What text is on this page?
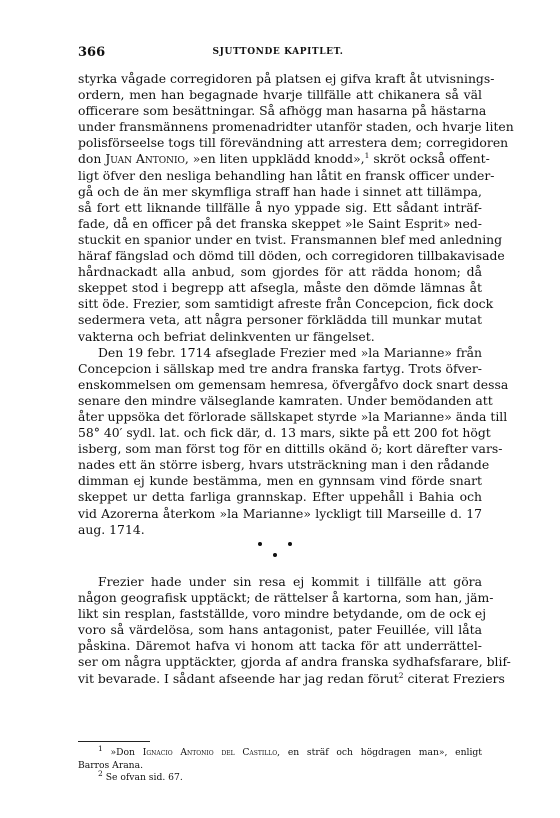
366	SJUTTONDE KAPITLET.
styrka vågade corregidoren på platsen ej gifva kraft åt utvisnings-
ordern, men han begagnade hvarje tillfälle att chikanera så väl
officerare som besättningar. Så afhögg man hasarna på hästarna
under fransmännens promenadridter utanför staden, och hvarje liten
polisförseelse togs till förevändning att arrestera dem; corregidoren
don Juan Antonio, »en liten uppklädd knodd»,$^1$ skröt också offent-
ligt öfver den nesliga behandling han låtit en fransk officer under-
gå och de än mer skymfliga straff han hade i sinnet att tillämpa,
så fort ett liknande tillfälle å nyo yppade sig. Ett sådant inträf-
fade, då en officer på det franska skeppet »le Saint Esprit» ned-
stuckit en spanior under en tvist. Fransmannen blef med anledning
häraf fängslad och dömd till döden, och corregidoren tillbakavisade
hårdnackadt alla anbud, som gjordes för att rädda honom; då
skeppet stod i begrepp att afsegla, måste den dömde lämnas åt
sitt öde. Frezier, som samtidigt afreste från Concepcion, fick dock
sedermera veta, att några personer förklädda till munkar mutat
vakterna och befriat delinkventen ur fängelset.
Den 19 febr. 1714 afseglade Frezier med »la Marianne» från
Concepcion i sällskap med tre andra franska fartyg. Trots öfver-
enskommelsen om gemensam hemresa, öfvergåfvo dock snart dessa
senare den mindre välseglande kamraten. Under bemödanden att
åter uppsöka det förlorade sällskapet styrde »la Marianne» ända till
58° 40′ sydl. lat. och fick där, d. 13 mars, sikte på ett 200 fot högt
isberg, som man först tog för en dittills okänd ö; kort därefter vars-
nades ett än större isberg, hvars utsträckning man i den rådande
dimman ej kunde bestämma, men en gynnsam vind förde snart
skeppet ur detta farliga grannskap. Efter uppehåll i Bahia och
vid Azorerna återkom »la Marianne» lyckligt till Marseille d. 17
aug. 1714.
Frezier hade under sin resa ej kommit i tillfälle att göra
någon geografisk upptäckt; de rättelser å kartorna, som han, jäm-
likt sin resplan, fastställde, voro mindre betydande, om de ock ej
voro så värdelösa, som hans antagonist, pater Feuillée, vill låta
påskina. Däremot hafva vi honom att tacka för att underrättel-
ser om några upptäckter, gjorda af andra franska sydhafsfarare, blif-
vit bevarade. I sådant afseende har jag redan förut$^2$ citerat Freziers
$^1$ »Don Ignacio Antonio del Castillo, en sträf och högdragen man», enligt
Barros Arana.
$^2$ Se ofvan sid. 67.
